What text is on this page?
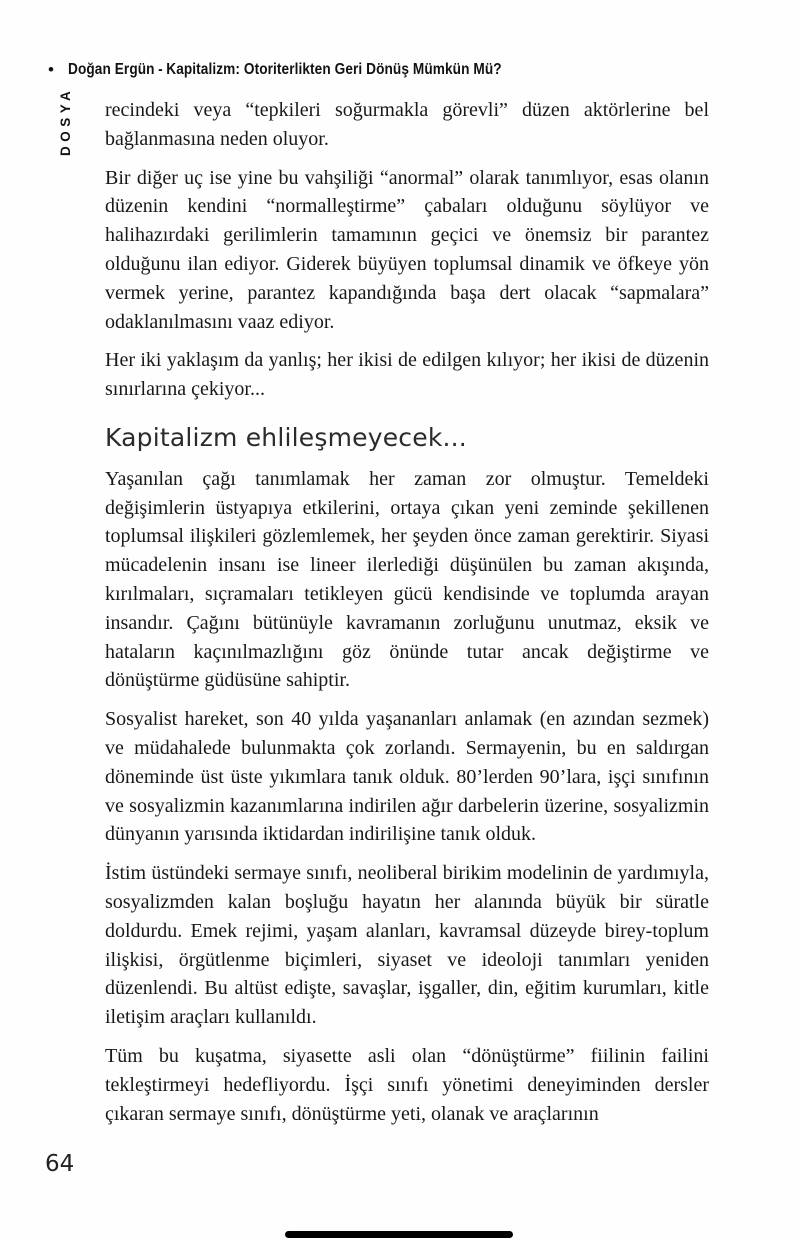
• Doğan Ergün - Kapitalizm: Otoriterlikten Geri Dönüş Mümkün Mü?
DOSYA recindeki veya “tepkileri soğurmakla görevli” düzen aktörlerine bel bağlanmasına neden oluyor.

Bir diğer uç ise yine bu vahşiliği “anormal” olarak tanımlıyor, esas olanın düzenin kendini “normalleştirme” çabaları olduğunu söylüyor ve halihazırdaki gerilimlerin tamamının geçici ve önemsiz bir parantez olduğunu ilan ediyor. Giderek büyüyen toplumsal dinamik ve öfkeye yön vermek yerine, parantez kapandığında başa dert olacak “sapmalara” odaklanılmasını vaaz ediyor.

Her iki yaklaşım da yanlış; her ikisi de edilgen kılıyor; her ikisi de düzenin sınırlarına çekiyor...

Kapitalizm ehlileşmeyecek...

Yaşanılan çağı tanımlamak her zaman zor olmuştur. Temeldeki değişimlerin üstyapıya etkilerini, ortaya çıkan yeni zeminde şekillenen toplumsal ilişkileri gözlemlemek, her şeyden önce zaman gerektirir. Siyasi mücadelenin insanı ise lineer ilerlediği düşünülen bu zaman akışında, kırılmaları, sıçramaları tetikleyen gücü kendisinde ve toplumda arayan insandır. Çağını bütünüyle kavramanın zorluğunu unutmaz, eksik ve hataların kaçınılmazlığını göz önünde tutar ancak değiştirme ve dönüştürme güdüsüne sahiptir.

Sosyalist hareket, son 40 yılda yaşananları anlamak (en azından sezmek) ve müdahalede bulunmakta çok zorlandı. Sermayenin, bu en saldırgan döneminde üst üste yıkımlara tanık olduk. 80’lerden 90’lara, işçi sınıfının ve sosyalizmin kazanımlarına indirilen ağır darbelerin üzerine, sosyalizmin dünyanın yarısında iktidardan indirilişine tanık olduk.

İstim üstündeki sermaye sınıfı, neoliberal birikim modelinin de yardımıyla, sosyalizmden kalan boşluğu hayatın her alanında büyük bir süratle doldurdu. Emek rejimi, yaşam alanları, kavramsal düzeyde birey-toplum ilişkisi, örgütlenme biçimleri, siyaset ve ideoloji tanımları yeniden düzenlendi. Bu altüst edişte, savaşlar, işgaller, din, eğitim kurumları, kitle iletişim araçları kullanıldı.

Tüm bu kuşatma, siyasette asli olan “dönüştürme” fiilinin failini tekleştirmeyi hedefliyordu. İşçi sınıfı yönetimi deneyiminden dersler çıkaran sermaye sınıfı, dönüştürme yeti, olanak ve araçlarının

64
